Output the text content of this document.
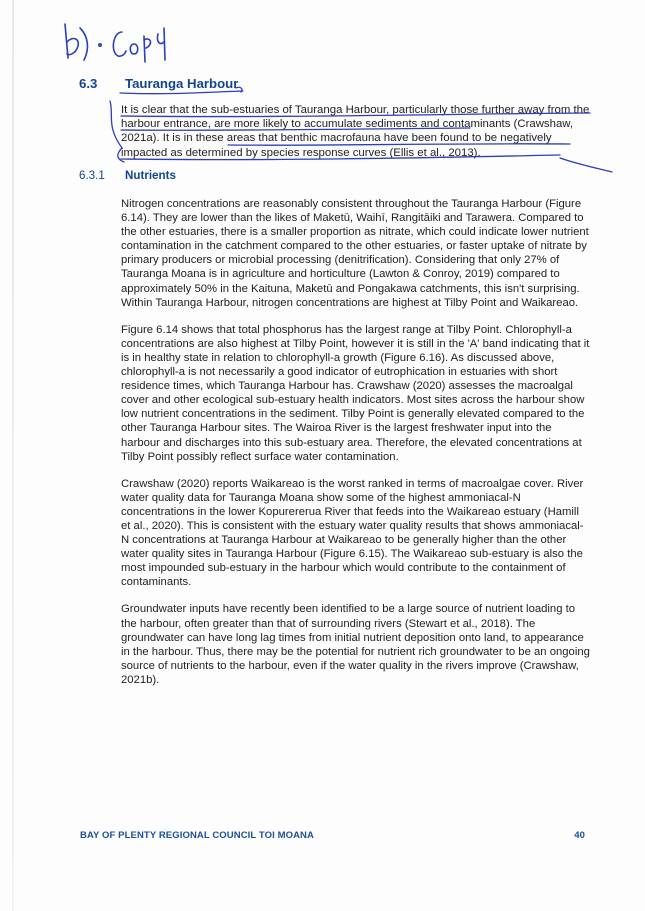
6.3 Tauranga Harbour

It is clear that the sub-estuaries of Tauranga Harbour, particularly those further away from the harbour entrance, are more likely to accumulate sediments and contaminants (Crawshaw, 2021a). It is in these areas that benthic macrofauna have been found to be negatively impacted as determined by species response curves (Ellis et al., 2013).

6.3.1 Nutrients

Nitrogen concentrations are reasonably consistent throughout the Tauranga Harbour (Figure 6.14). They are lower than the likes of Maketū, Waihī, Rangitāiki and Tarawera. Compared to the other estuaries, there is a smaller proportion as nitrate, which could indicate lower nutrient contamination in the catchment compared to the other estuaries, or faster uptake of nitrate by primary producers or microbial processing (denitrification). Considering that only 27% of Tauranga Moana is in agriculture and horticulture (Lawton & Conroy, 2019) compared to approximately 50% in the Kaituna, Maketū and Pongakawa catchments, this isn't surprising. Within Tauranga Harbour, nitrogen concentrations are highest at Tilby Point and Waikareao.

Figure 6.14 shows that total phosphorus has the largest range at Tilby Point. Chlorophyll-a concentrations are also highest at Tilby Point, however it is still in the 'A' band indicating that it is in healthy state in relation to chlorophyll-a growth (Figure 6.16). As discussed above, chlorophyll-a is not necessarily a good indicator of eutrophication in estuaries with short residence times, which Tauranga Harbour has. Crawshaw (2020) assesses the macroalgal cover and other ecological sub-estuary health indicators. Most sites across the harbour show low nutrient concentrations in the sediment. Tilby Point is generally elevated compared to the other Tauranga Harbour sites. The Wairoa River is the largest freshwater input into the harbour and discharges into this sub-estuary area. Therefore, the elevated concentrations at Tilby Point possibly reflect surface water contamination.

Crawshaw (2020) reports Waikareao is the worst ranked in terms of macroalgae cover. River water quality data for Tauranga Moana show some of the highest ammoniacal-N concentrations in the lower Kopurererua River that feeds into the Waikareao estuary (Hamill et al., 2020). This is consistent with the estuary water quality results that shows ammoniacal-N concentrations at Tauranga Harbour at Waikareao to be generally higher than the other water quality sites in Tauranga Harbour (Figure 6.15). The Waikareao sub-estuary is also the most impounded sub-estuary in the harbour which would contribute to the containment of contaminants.

Groundwater inputs have recently been identified to be a large source of nutrient loading to the harbour, often greater than that of surrounding rivers (Stewart et al., 2018). The groundwater can have long lag times from initial nutrient deposition onto land, to appearance in the harbour. Thus, there may be the potential for nutrient rich groundwater to be an ongoing source of nutrients to the harbour, even if the water quality in the rivers improve (Crawshaw, 2021b).

BAY OF PLENTY REGIONAL COUNCIL TOI MOANA	40
